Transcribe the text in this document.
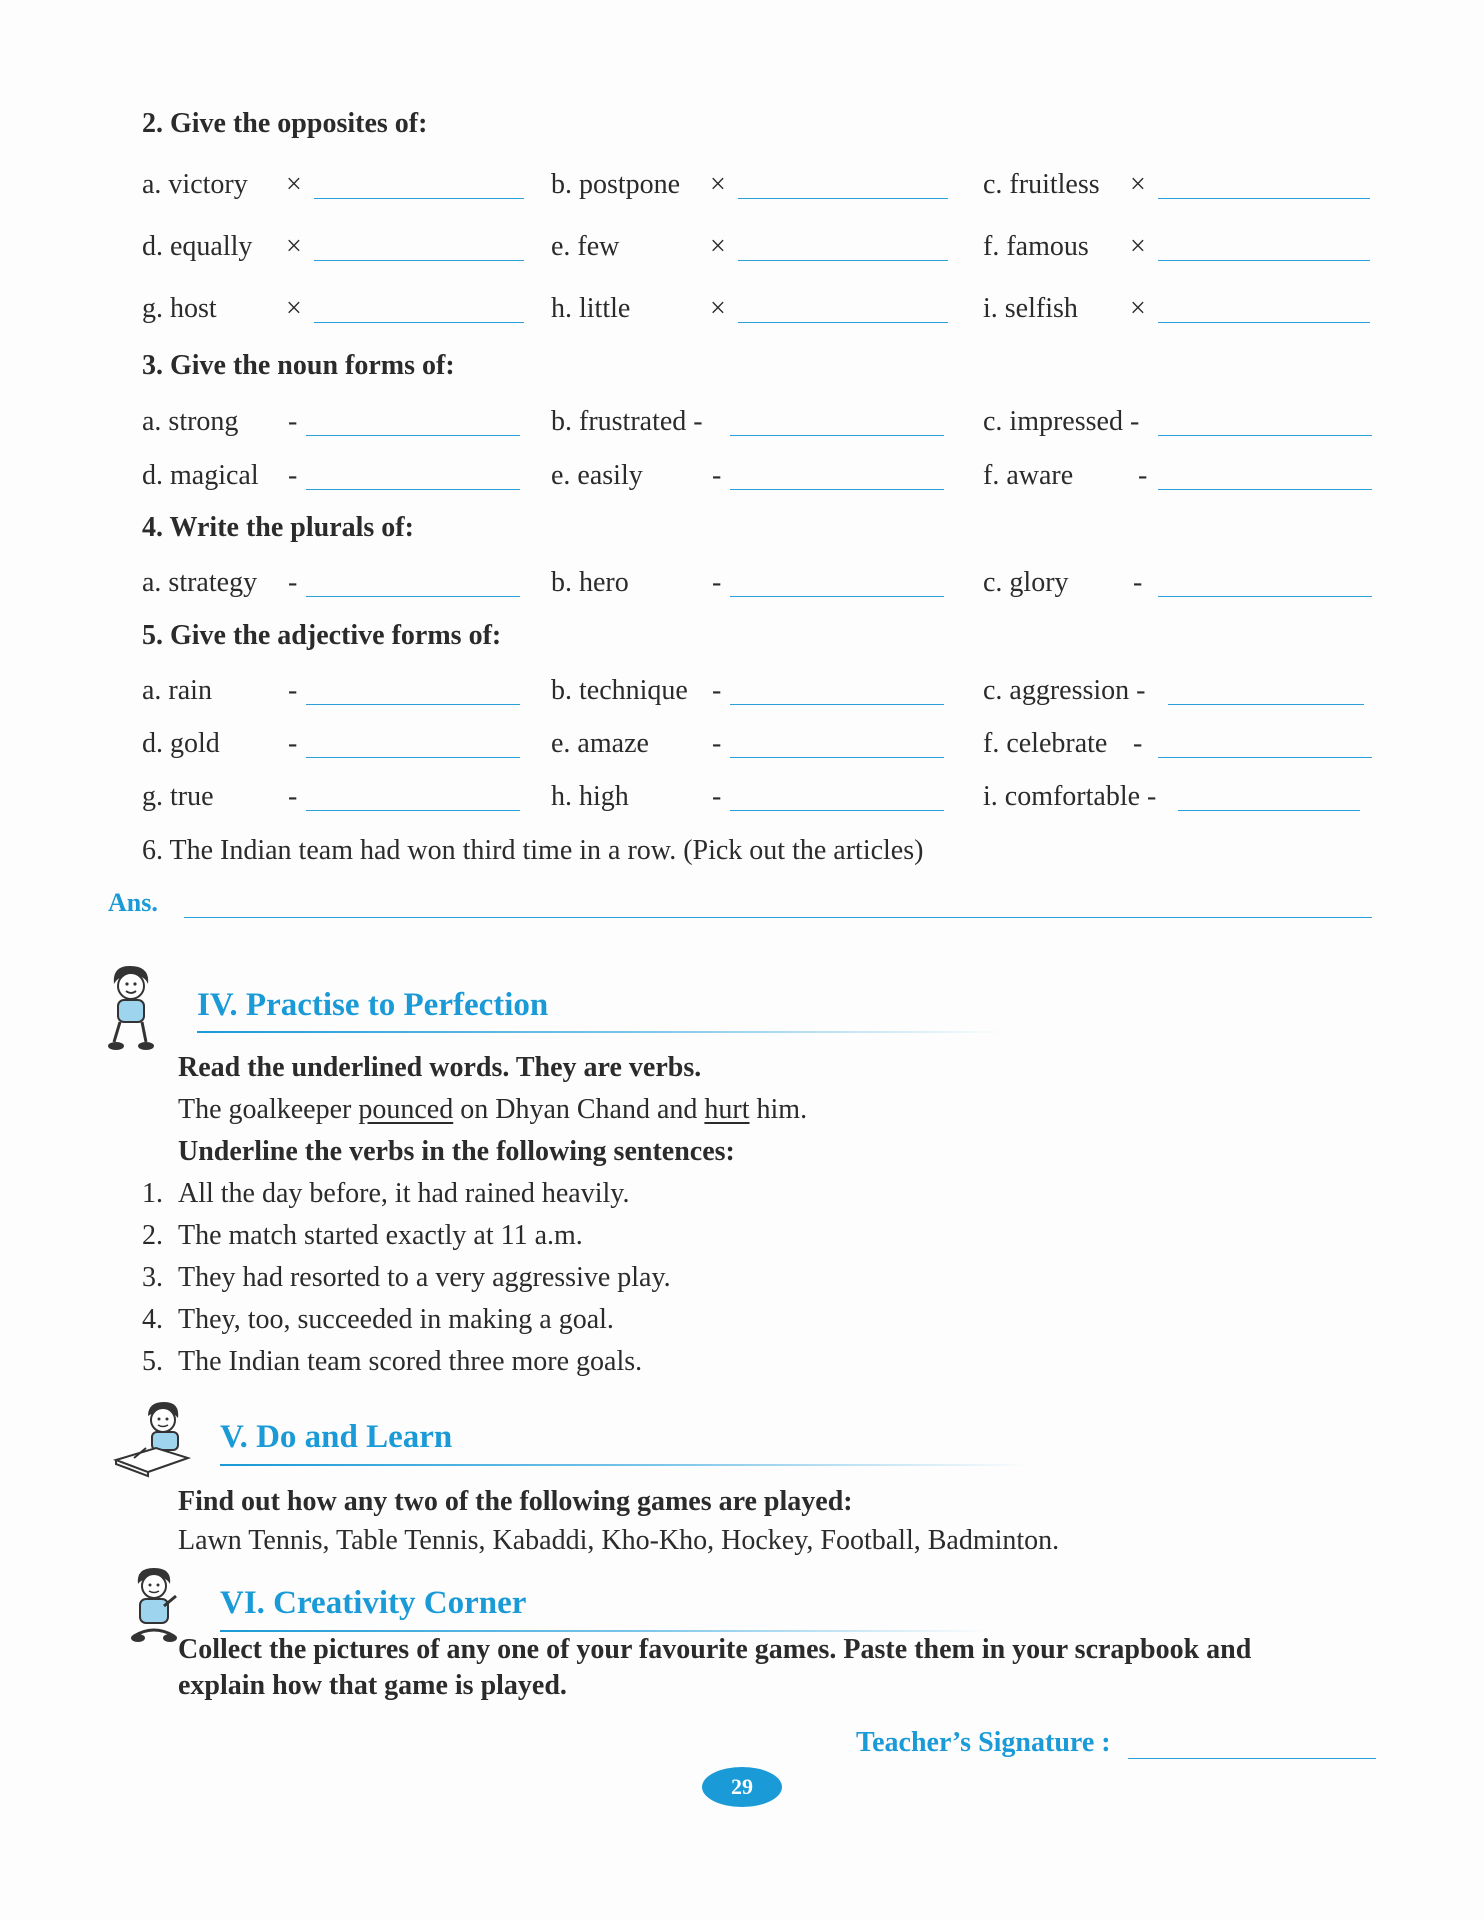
2. Give the opposites of:
a. victory ×	b. postpone ×	c. fruitless ×
d. equally ×	e. few	×	f. famous ×
g. host ×	h. little	×	i. selfish ×
3. Give the noun forms of:
a. strong -	b. frustrated -	c. impressed -
d. magical -	e. easily -	f. aware -
4. Write the plurals of:
a. strategy -	b. hero	-	c. glory -
5. Give the adjective forms of:
a. rain	-	b. technique -	c. aggression -
d. gold -	e. amaze -	f. celebrate -
g. true	-	h. high	-	i. comfortable -
6. The Indian team had won third time in a row. (Pick out the articles)
Ans.
IV. Practise to Perfection
Read the underlined words. They are verbs.
The goalkeeper pounced on Dhyan Chand and hurt him.
Underline the verbs in the following sentences:
1. All the day before, it had rained heavily.
2. The match started exactly at 11 a.m.
3. They had resorted to a very aggressive play.
4. They, too, succeeded in making a goal.
5. The Indian team scored three more goals.
V. Do and Learn
Find out how any two of the following games are played:
Lawn Tennis, Table Tennis, Kabaddi, Kho-Kho, Hockey, Football, Badminton.
VI. Creativity Corner
Collect the pictures of any one of your favourite games. Paste them in your scrapbook and
explain how that game is played.
Teacher’s Signature :
29
